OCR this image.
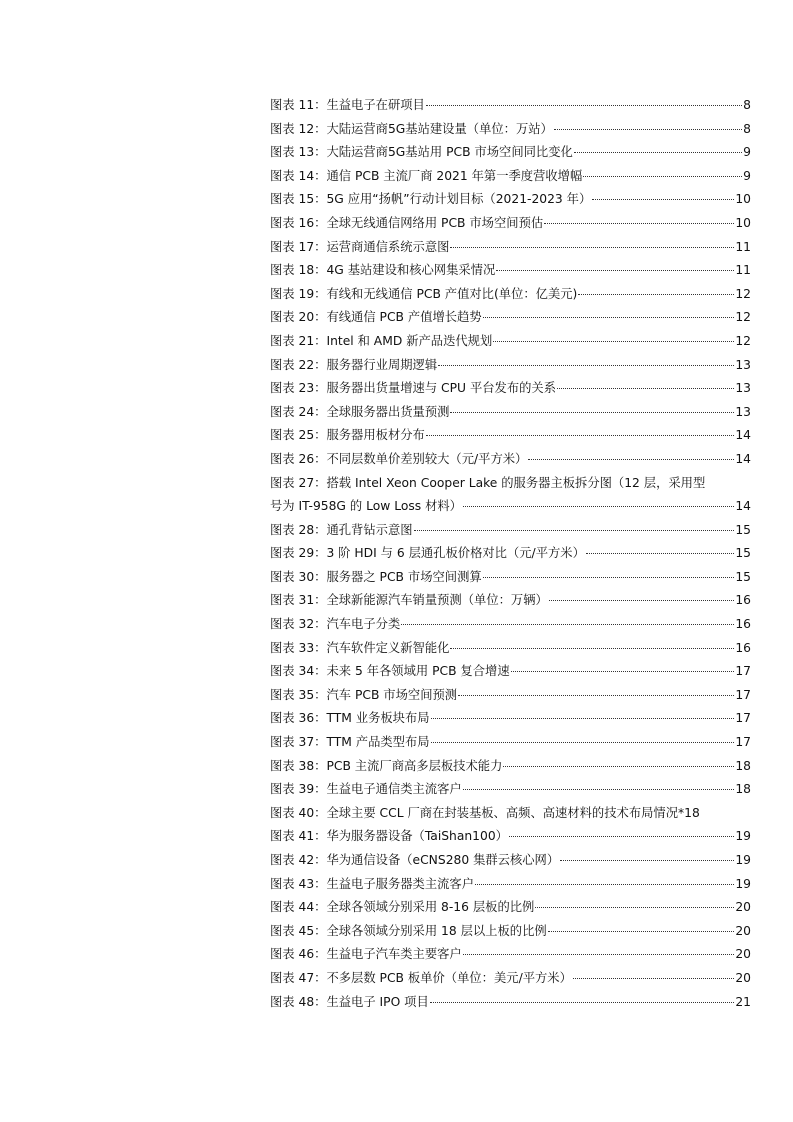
图表 11： 生益电子在研项目	8
图表 12： 大陆运营商5G基站建设量（单位：万站）	8
图表 13： 大陆运营商5G基站用 PCB 市场空间同比变化	9
图表 14： 通信 PCB 主流厂商 2021 年第一季度营收增幅	9
图表 15： 5G 应用“扬帆”行动计划目标（2021-2023 年）	10
图表 16： 全球无线通信网络用 PCB 市场空间预估	10
图表 17： 运营商通信系统示意图	11
图表 18： 4G 基站建设和核心网集采情况	11
图表 19： 有线和无线通信 PCB 产值对比(单位：亿美元)	12
图表 20： 有线通信 PCB 产值增长趋势	12
图表 21： Intel 和 AMD 新产品迭代规划	12
图表 22： 服务器行业周期逻辑	13
图表 23： 服务器出货量增速与 CPU 平台发布的关系	13
图表 24： 全球服务器出货量预测	13
图表 25： 服务器用板材分布	14
图表 26： 不同层数单价差别较大（元/平方米）	14
图表 27：搭载 Intel Xeon Cooper Lake 的服务器主板拆分图（12 层，采用型
号为 IT-958G 的 Low Loss 材料）	14
图表 28： 通孔背钻示意图	15
图表 29： 3 阶 HDI 与 6 层通孔板价格对比（元/平方米）	15
图表 30： 服务器之 PCB 市场空间测算	15
图表 31： 全球新能源汽车销量预测（单位：万辆）	16
图表 32： 汽车电子分类	16
图表 33： 汽车软件定义新智能化	16
图表 34： 未来 5 年各领域用 PCB 复合增速	17
图表 35： 汽车 PCB 市场空间预测	17
图表 36： TTM 业务板块布局	17
图表 37： TTM 产品类型布局	17
图表 38： PCB 主流厂商高多层板技术能力	18
图表 39： 生益电子通信类主流客户	18
图表 40： 全球主要 CCL 厂商在封装基板、高频、高速材料的技术布局情况* 18
图表 41： 华为服务器设备（TaiShan100）	19
图表 42： 华为通信设备（eCNS280 集群云核心网）	19
图表 43： 生益电子服务器类主流客户	19
图表 44： 全球各领域分别采用 8-16 层板的比例	20
图表 45： 全球各领域分别采用 18 层以上板的比例	20
图表 46： 生益电子汽车类主要客户	20
图表 47： 不多层数 PCB 板单价（单位：美元/平方米）	20
图表 48： 生益电子 IPO 项目	21
